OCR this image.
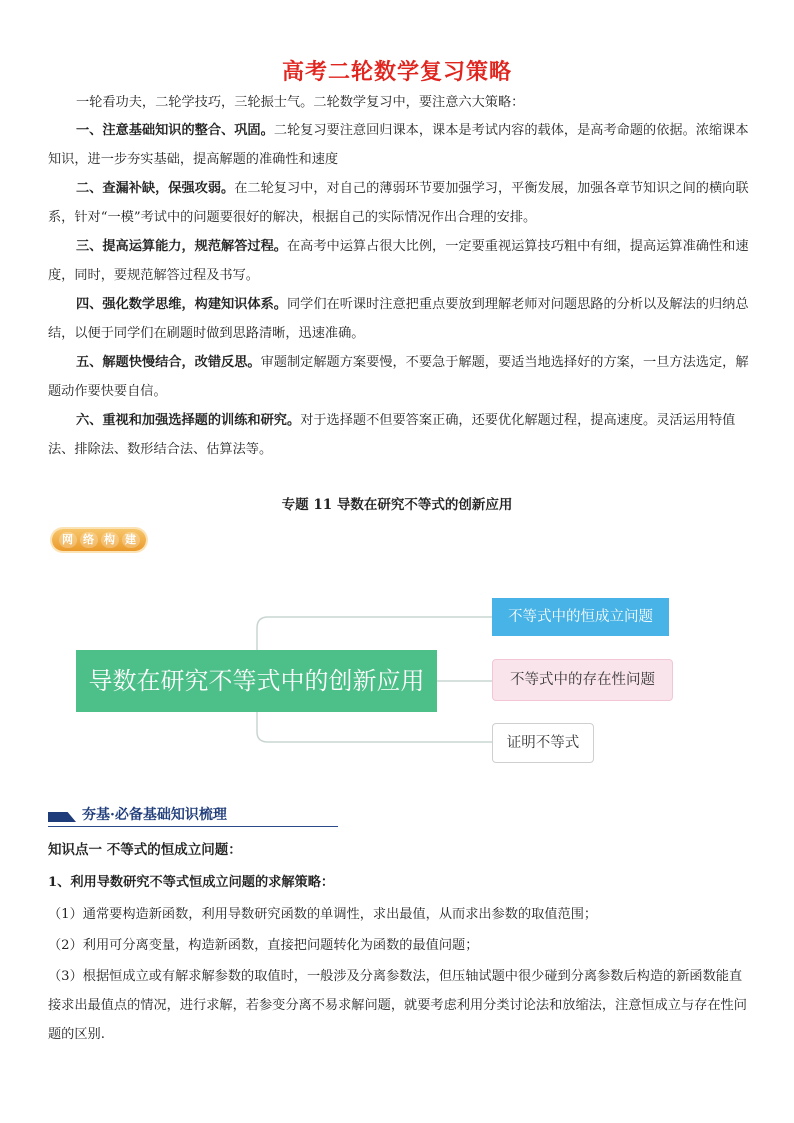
高考二轮数学复习策略

一轮看功夫，二轮学技巧，三轮振士气。二轮数学复习中，要注意六大策略：

一、注意基础知识的整合、巩固。二轮复习要注意回归课本，课本是考试内容的载体，是高考命题的依据。浓缩课本知识，进一步夯实基础，提高解题的准确性和速度

二、查漏补缺，保强攻弱。在二轮复习中，对自己的薄弱环节要加强学习，平衡发展，加强各章节知识之间的横向联系，针对“一模”考试中的问题要很好的解决，根据自己的实际情况作出合理的安排。

三、提高运算能力，规范解答过程。在高考中运算占很大比例，一定要重视运算技巧粗中有细，提高运算准确性和速度，同时，要规范解答过程及书写。

四、强化数学思维，构建知识体系。同学们在听课时注意把重点要放到理解老师对问题思路的分析以及解法的归纳总结，以便于同学们在刷题时做到思路清晰，迅速准确。

五、解题快慢结合，改错反思。审题制定解题方案要慢，不要急于解题，要适当地选择好的方案，一旦方法选定，解题动作要快要自信。

六、重视和加强选择题的训练和研究。对于选择题不但要答案正确，还要优化解题过程，提高速度。灵活运用特值法、排除法、数形结合法、估算法等。

专题 11 导数在研究不等式的创新应用
网 络 构 建
导数在研究不等式中的创新应用
不等式中的恒成立问题
不等式中的存在性问题
证明不等式
夯基·必备基础知识梳理
知识点一 不等式的恒成立问题：

1、利用导数研究不等式恒成立问题的求解策略：

（1）通常要构造新函数，利用导数研究函数的单调性，求出最值，从而求出参数的取值范围；

（2）利用可分离变量，构造新函数，直接把问题转化为函数的最值问题；

（3）根据恒成立或有解求解参数的取值时，一般涉及分离参数法，但压轴试题中很少碰到分离参数后构造的新函数能直接求出最值点的情况，进行求解，若参变分离不易求解问题，就要考虑利用分类讨论法和放缩法，注意恒成立与存在性问题的区别.
